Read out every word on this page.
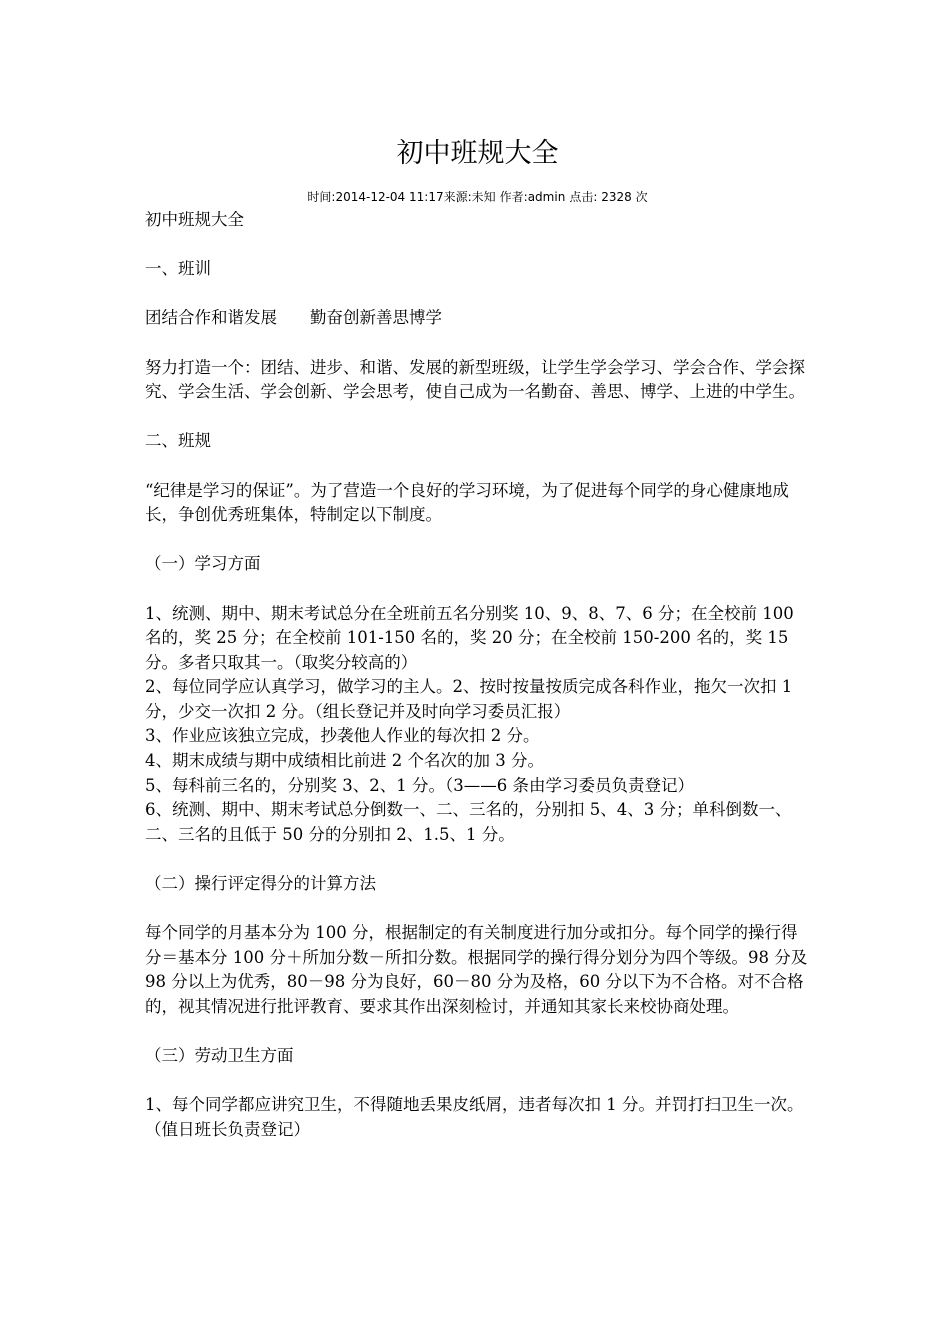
初中班规大全
时间:2014-12-04 11:17来源:未知 作者:admin 点击: 2328 次

初中班规大全

一、班训

团结合作和谐发展　　勤奋创新善思博学

努力打造一个：团结、进步、和谐、发展的新型班级，让学生学会学习、学会合作、学会探究、学会生活、学会创新、学会思考，使自己成为一名勤奋、善思、博学、上进的中学生。

二、班规

“纪律是学习的保证”。为了营造一个良好的学习环境，为了促进每个同学的身心健康地成长，争创优秀班集体，特制定以下制度。

（一）学习方面

1、统测、期中、期末考试总分在全班前五名分别奖 10、9、8、7、6 分；在全校前 100 名的，奖 25 分；在全校前 101-150 名的，奖 20 分；在全校前 150-200 名的，奖 15 分。多者只取其一。（取奖分较高的）

2、每位同学应认真学习，做学习的主人。2、按时按量按质完成各科作业，拖欠一次扣 1 分，少交一次扣 2 分。（组长登记并及时向学习委员汇报）

3、作业应该独立完成，抄袭他人作业的每次扣 2 分。

4、期末成绩与期中成绩相比前进 2 个名次的加 3 分。

5、每科前三名的，分别奖 3、2、1 分。（3——6 条由学习委员负责登记）

6、统测、期中、期末考试总分倒数一、二、三名的，分别扣 5、4、3 分；单科倒数一、二、三名的且低于 50 分的分别扣 2、1.5、1 分。

（二）操行评定得分的计算方法

每个同学的月基本分为 100 分，根据制定的有关制度进行加分或扣分。每个同学的操行得分＝基本分 100 分＋所加分数－所扣分数。根据同学的操行得分划分为四个等级。98 分及 98 分以上为优秀，80－98 分为良好，60－80 分为及格，60 分以下为不合格。对不合格的，视其情况进行批评教育、要求其作出深刻检讨，并通知其家长来校协商处理。

（三）劳动卫生方面

1、每个同学都应讲究卫生，不得随地丢果皮纸屑，违者每次扣 1 分。并罚打扫卫生一次。（值日班长负责登记）
